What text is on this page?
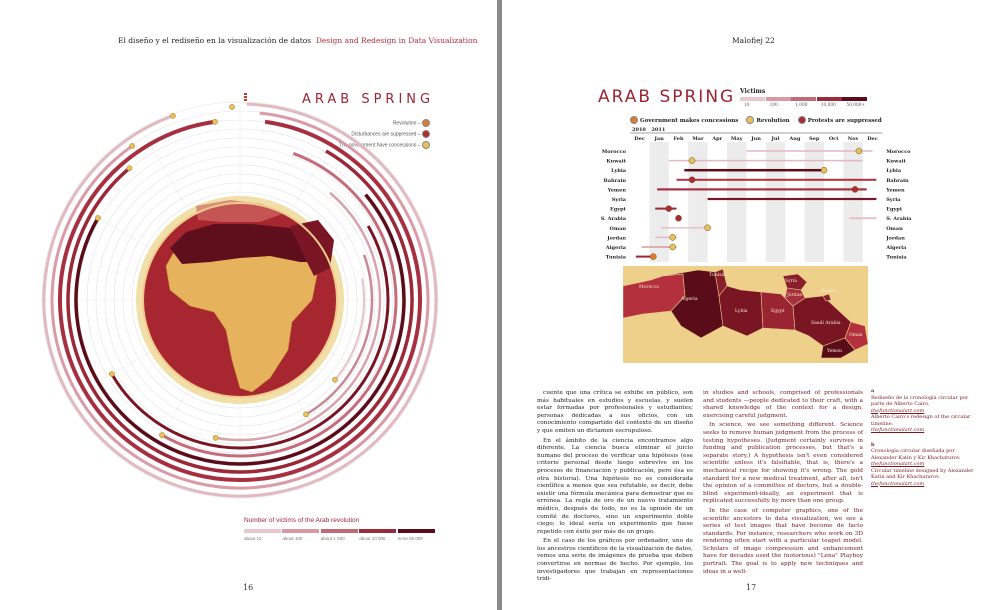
El diseño y el rediseño en la visualización de datos Design and Redesign in Data Visualization
ARAB SPRING
Revolution –
Disturbances are suppressed –
The government have concessions –
Number of victims of the Arab revolution
about 10	about 100	about 1 000	about 10 000	more 50 000
16
Malofiej 22
ARAB SPRING Victims
10	100	1,000	10,000 50,000+
Government makes concessions	Revolution	Protests are suppressed
Dec Jan Feb Mar Apr May Jun Jul Aug Sep Oct Nov Dec
2010 2011
Morocco	Morocco
Kuwait	Kuwait
Lybia	Lybia
Bahrain	Bahrain
Yemen	Yemen
Syria	Syria
Egypt	Egypt
S. Arabia	S. Arabia
Oman	Oman
Jordan	Jordan
Algeria	Algeria
Tunisia	Tunisia
Morocco
Algeria
Lybia	Egypt
Syria
Jordan
Kuwait
Saudi Arabia
Oman
Tunisia
Yemen
17

cuente que una crítica se exhibe en público, son más habituales en estudios y escuelas, y suelen estar formadas por profesionales y estudiantes; personas dedicadas a sus oficios, con un conocimiento compartido del contexto de un diseño y que emiten un dictamen escrupuloso.

En el ámbito de la ciencia encontramos algo diferente. La ciencia busca eliminar el juicio humano del proceso de verificar una hipótesis (ese criterio personal desde luego sobrevive en los procesos de financiación y publicación, pero ésa es otra historia). Una hipótesis no es considerada científica a menos que sea refutable, es decir, debe existir una fórmula mecánica para demostrar que es errónea. La regla de oro de un nuevo tratamiento médico, después de todo, no es la opinión de un comité de doctores, sino un experimento doble ciego; lo ideal sería un experimento que fuese repetido con éxito por más de un grupo.

En el caso de los gráficos por ordenador, uno de los ancestros científicos de la visualización de datos, vemos una serie de imágenes de prueba que deben convertirse en normas de hecho. Por ejemplo, los investigadores que trabajan en representaciones tridi-

in studios and schools, comprised of professionals and students —people dedicated to their craft, with a shared knowledge of the context for a design, exercising careful judgment.

In science, we see something different. Science seeks to remove human judgment from the process of testing hypotheses. (Judgment certainly survives in funding and publication processes, but that's a separate story.) A hypothesis isn't even considered scientific unless it's falsifiable, that is, there's a mechanical recipe for showing it's wrong. The gold standard for a new medical treatment, after all, isn't the opinion of a committee of doctors, but a double-blind experiment-ideally, an experiment that is replicated successfully by more than one group.

In the case of computer graphics, one of the scientific ancestors to data visualization, we see a series of test images that have become de facto standards. For instance, researchers who work on 3D rendering often start with a particular teapot model. Scholars of image compression and enhancement have for decades used the (notorious) "Lena" Playboy portrait. The goal is to apply new techniques and ideas in a well-

a
Rediseño de la cronología circular por parte de Alberto Cairo.
thefunctionalart.com
Alberto Cairo's redesign of the circular timeline.
thefunctionalart.com
b
Cronología circular diseñada por Alexander Katin y Kir Khachaturov.
thefunctionalart.com
Circular timeline designed by Alexander Katin and Kir Khachaturov.
thefunctionalart.com
